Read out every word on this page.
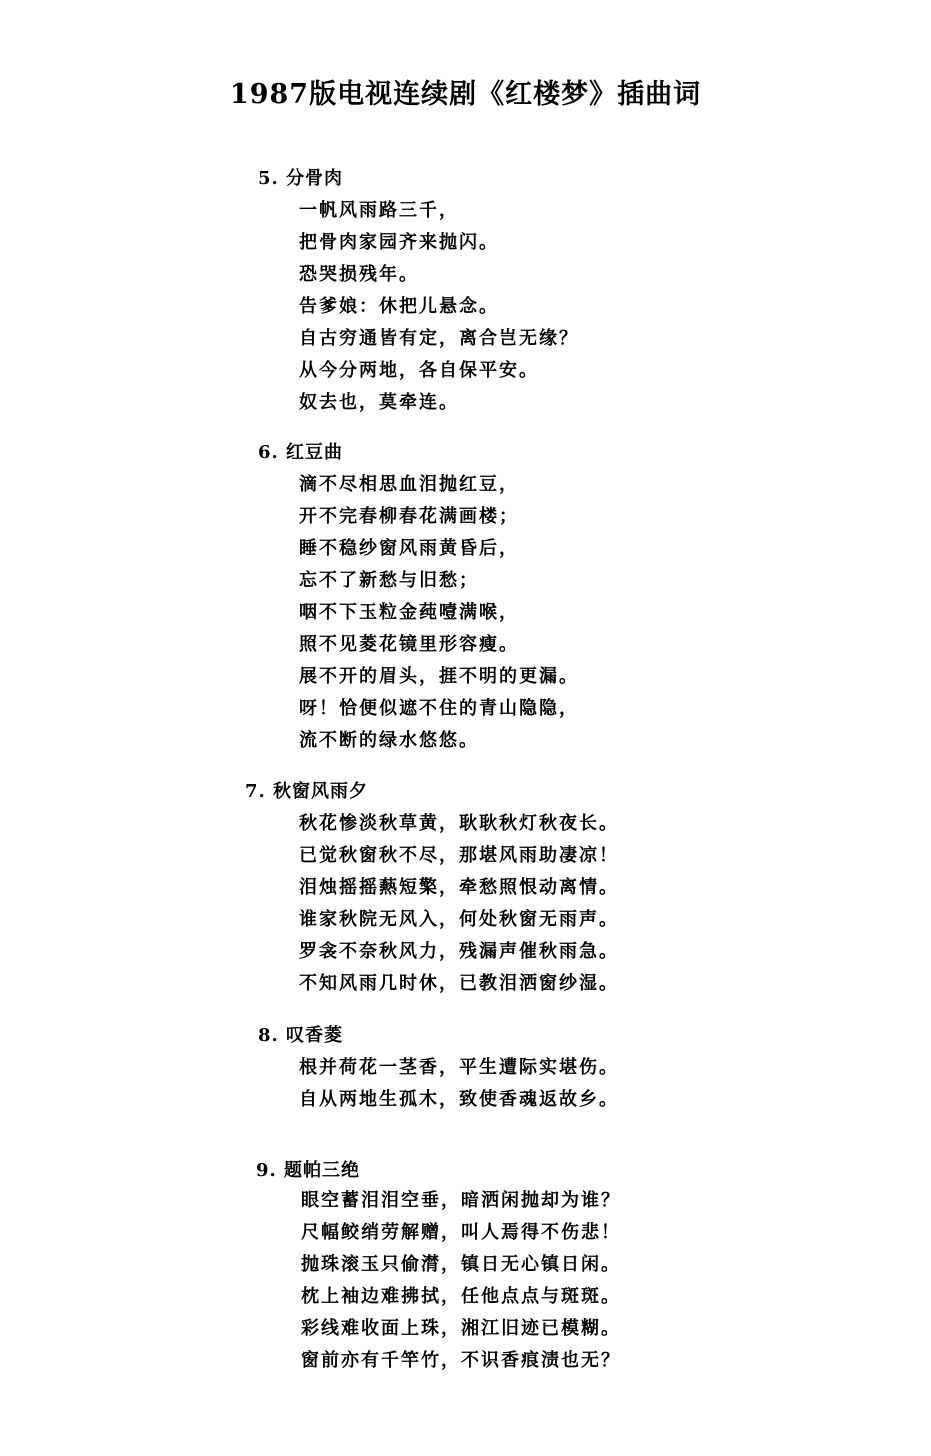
1987版电视连续剧《红楼梦》插曲词
5. 分骨肉
一帆风雨路三千，
把骨肉家园齐来抛闪。
恐哭损残年。
告爹娘：休把儿悬念。
自古穷通皆有定，离合岂无缘？
从今分两地，各自保平安。
奴去也，莫牵连。
6. 红豆曲
滴不尽相思血泪抛红豆，
开不完春柳春花满画楼；
睡不稳纱窗风雨黄昏后，
忘不了新愁与旧愁；
咽不下玉粒金莼噎满喉，
照不见菱花镜里形容瘦。
展不开的眉头，捱不明的更漏。
呀！恰便似遮不住的青山隐隐，
流不断的绿水悠悠。
7. 秋窗风雨夕
秋花惨淡秋草黄，耿耿秋灯秋夜长。
已觉秋窗秋不尽，那堪风雨助凄凉！
泪烛摇摇爇短檠，牵愁照恨动离情。
谁家秋院无风入，何处秋窗无雨声。
罗衾不奈秋风力，残漏声催秋雨急。
不知风雨几时休，已教泪洒窗纱湿。
8. 叹香菱
根并荷花一茎香，平生遭际实堪伤。
自从两地生孤木，致使香魂返故乡。
9. 题帕三绝
眼空蓄泪泪空垂，暗洒闲抛却为谁？
尺幅鲛绡劳解赠，叫人焉得不伤悲！
抛珠滚玉只偷潸，镇日无心镇日闲。
枕上袖边难拂拭，任他点点与斑斑。
彩线难收面上珠，湘江旧迹已模糊。
窗前亦有千竿竹，不识香痕渍也无？
